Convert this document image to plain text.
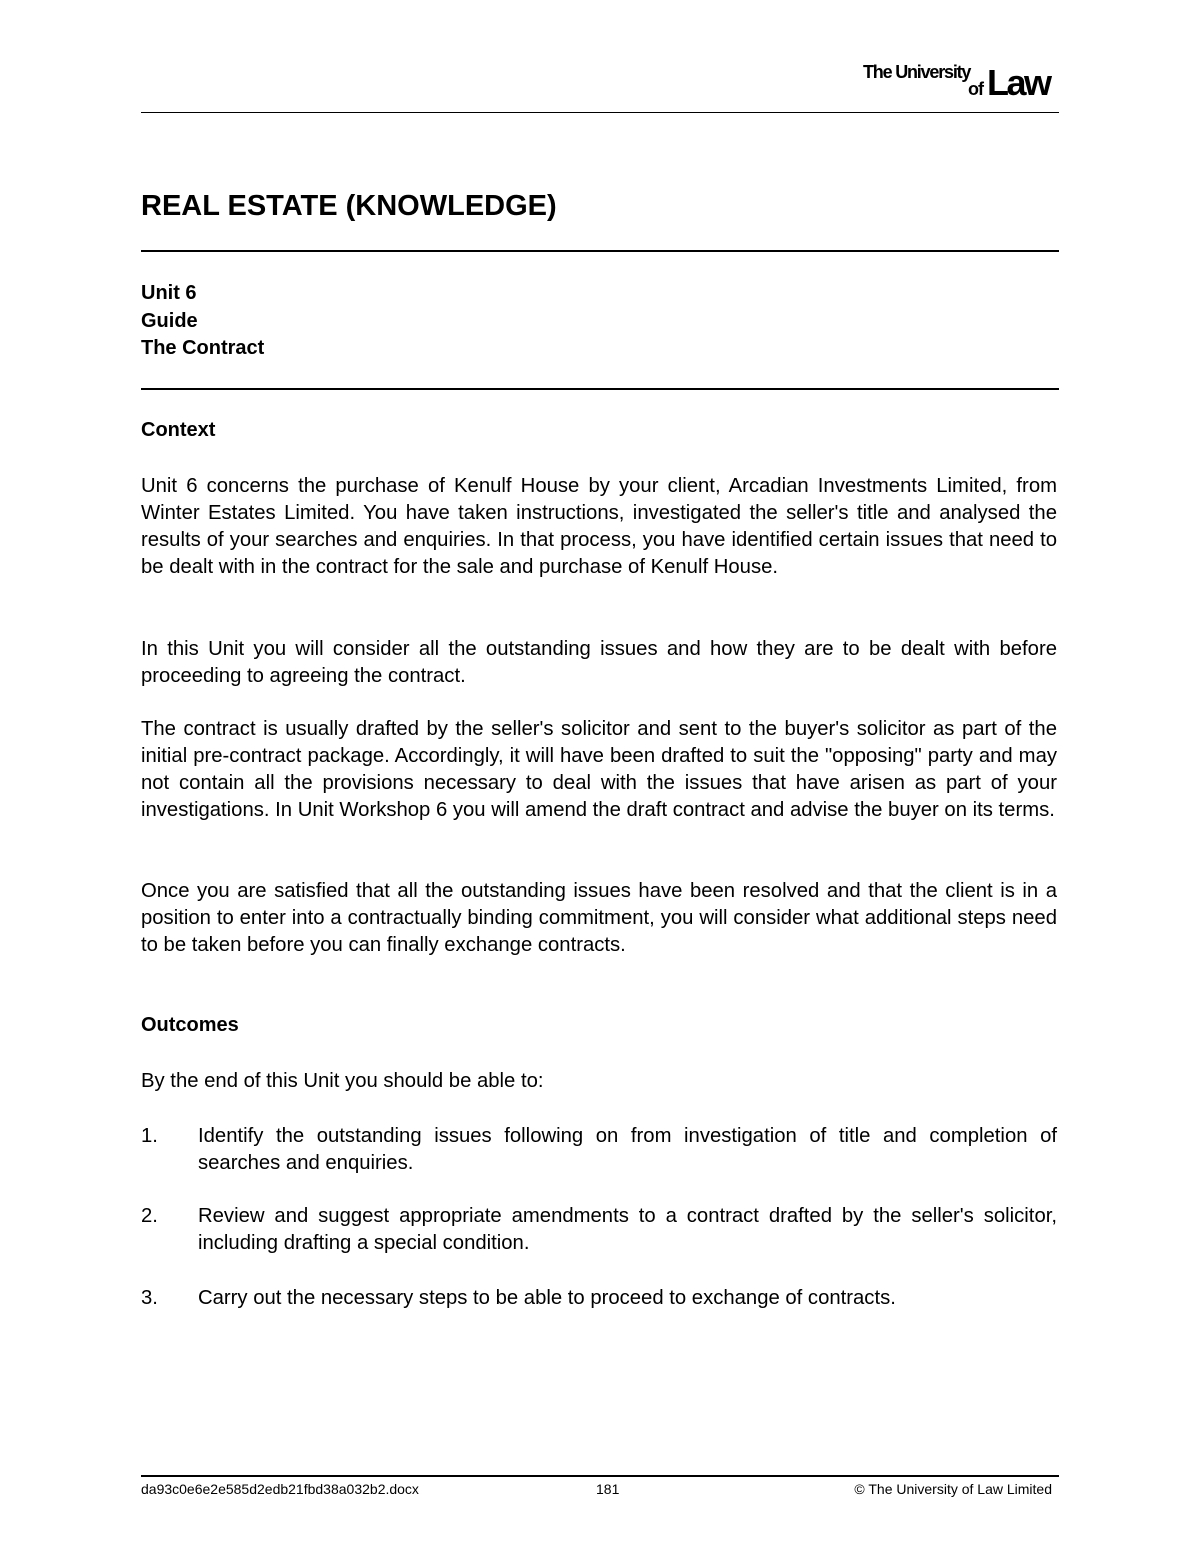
The University
of Law
REAL ESTATE (KNOWLEDGE)
Unit 6
Guide
The Contract
Context

Unit 6 concerns the purchase of Kenulf House by your client, Arcadian Investments Limited, from Winter Estates Limited. You have taken instructions, investigated the seller's title and analysed the results of your searches and enquiries. In that process, you have identified certain issues that need to be dealt with in the contract for the sale and purchase of Kenulf House.

In this Unit you will consider all the outstanding issues and how they are to be dealt with before proceeding to agreeing the contract.

The contract is usually drafted by the seller's solicitor and sent to the buyer's solicitor as part of the initial pre-contract package. Accordingly, it will have been drafted to suit the "opposing" party and may not contain all the provisions necessary to deal with the issues that have arisen as part of your investigations. In Unit Workshop 6 you will amend the draft contract and advise the buyer on its terms.

Once you are satisfied that all the outstanding issues have been resolved and that the client is in a position to enter into a contractually binding commitment, you will consider what additional steps need to be taken before you can finally exchange contracts.

Outcomes

By the end of this Unit you should be able to:

1. Identify the outstanding issues following on from investigation of title and completion of searches and enquiries.

2. Review and suggest appropriate amendments to a contract drafted by the seller's solicitor, including drafting a special condition.

3. Carry out the necessary steps to be able to proceed to exchange of contracts.

da93c0e6e2e585d2edb21fbd38a032b2.docx	181	© The University of Law Limited
